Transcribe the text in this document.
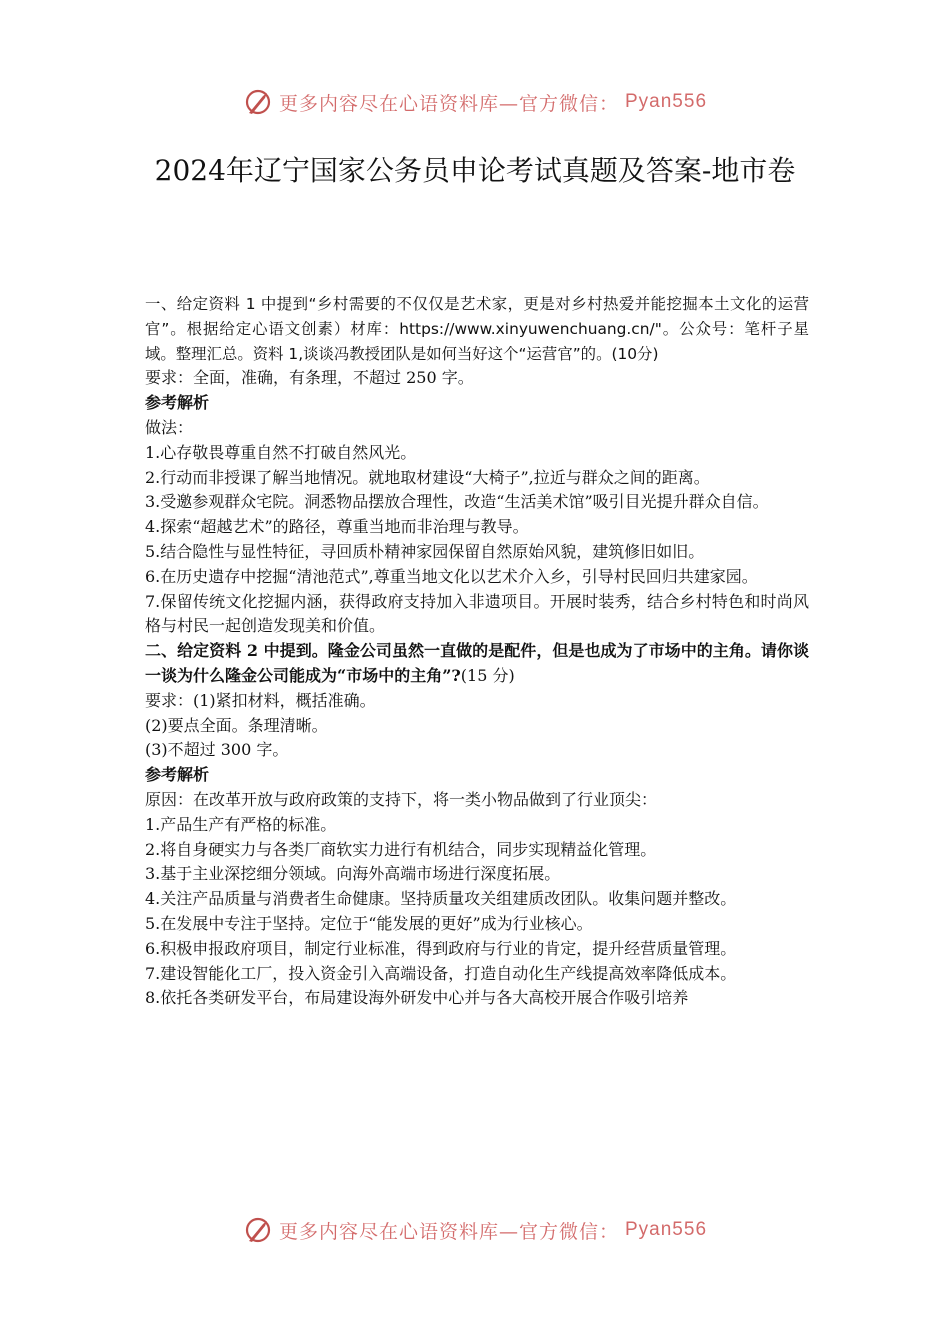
更多内容尽在心语资料库—官方微信： Pyan556
2024年辽宁国家公务员申论考试真题及答案-地市卷

一、给定资料 1 中提到“乡村需要的不仅仅是艺术家，更是对乡村热爱并能挖掘本土文化的运营官”。根据给定心语文创素）材库：https://www.xinyuwenchuang.cn/"。公众号：笔杆子星域。整理汇总。资料 1,谈谈冯教授团队是如何当好这个“运营官”的。(10分)

要求：全面，准确，有条理，不超过 250 字。

参考解析

做法：

1.心存敬畏尊重自然不打破自然风光。

2.行动而非授课了解当地情况。就地取材建设“大椅子”,拉近与群众之间的距离。

3.受邀参观群众宅院。洞悉物品摆放合理性，改造“生活美术馆”吸引目光提升群众自信。

4.探索“超越艺术”的路径，尊重当地而非治理与教导。

5.结合隐性与显性特征，寻回质朴精神家园保留自然原始风貌，建筑修旧如旧。

6.在历史遗存中挖掘“清池范式”,尊重当地文化以艺术介入乡，引导村民回归共建家园。

7.保留传统文化挖掘内涵，获得政府支持加入非遗项目。开展时装秀，结合乡村特色和时尚风格与村民一起创造发现美和价值。

二、给定资料 2 中提到。隆金公司虽然一直做的是配件，但是也成为了市场中的主角。请你谈一谈为什么隆金公司能成为“市场中的主角”?(15 分)

要求：(1)紧扣材料，概括准确。

(2)要点全面。条理清晰。

(3)不超过 300 字。

参考解析

原因：在改革开放与政府政策的支持下，将一类小物品做到了行业顶尖：

1.产品生产有严格的标准。

2.将自身硬实力与各类厂商软实力进行有机结合，同步实现精益化管理。

3.基于主业深挖细分领域。向海外高端市场进行深度拓展。

4.关注产品质量与消费者生命健康。坚持质量攻关组建质改团队。收集问题并整改。

5.在发展中专注于坚持。定位于“能发展的更好”成为行业核心。

6.积极申报政府项目，制定行业标准，得到政府与行业的肯定，提升经营质量管理。

7.建设智能化工厂，投入资金引入高端设备，打造自动化生产线提高效率降低成本。

8.依托各类研发平台，布局建设海外研发中心并与各大高校开展合作吸引培养

更多内容尽在心语资料库—官方微信： Pyan556
